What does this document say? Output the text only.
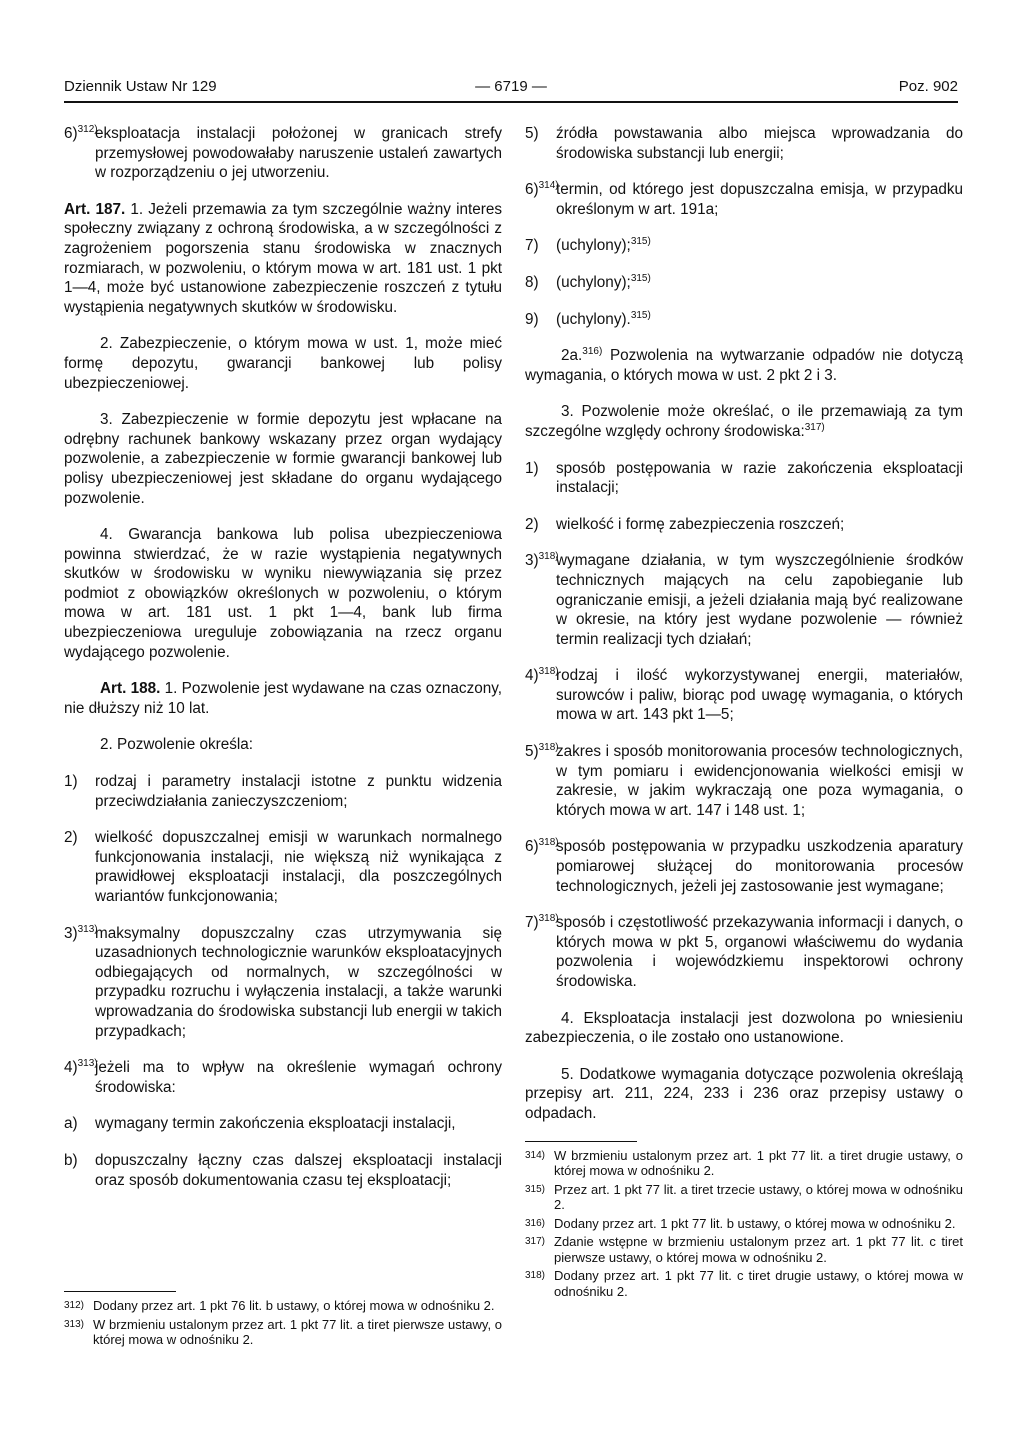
Dziennik Ustaw Nr 129	— 6719 —	Poz. 902
6)$^{312)}$
eksploatacja instalacji położonej w granicach strefy przemysłowej powodowałaby naruszenie ustaleń zawartych w rozporządzeniu o jej utworzeniu.

Art. 187. 1. Jeżeli przemawia za tym szczególnie ważny interes społeczny związany z ochroną środowiska, a w szczególności z zagrożeniem pogorszenia stanu środowiska w znacznych rozmiarach, w pozwoleniu, o którym mowa w art. 181 ust. 1 pkt 1—4, może być ustanowione zabezpieczenie roszczeń z tytułu wystąpienia negatywnych skutków w środowisku.

2. Zabezpieczenie, o którym mowa w ust. 1, może mieć formę depozytu, gwarancji bankowej lub polisy ubezpieczeniowej.

3. Zabezpieczenie w formie depozytu jest wpłacane na odrębny rachunek bankowy wskazany przez organ wydający pozwolenie, a zabezpieczenie w formie gwarancji bankowej lub polisy ubezpieczeniowej jest składane do organu wydającego pozwolenie.

4. Gwarancja bankowa lub polisa ubezpieczeniowa powinna stwierdzać, że w razie wystąpienia negatywnych skutków w środowisku w wyniku niewywiązania się przez podmiot z obowiązków określonych w pozwoleniu, o którym mowa w art. 181 ust. 1 pkt 1—4, bank lub firma ubezpieczeniowa ureguluje zobowiązania na rzecz organu wydającego pozwolenie.

Art. 188. 1. Pozwolenie jest wydawane na czas oznaczony, nie dłuższy niż 10 lat.

2. Pozwolenie określa:

1) rodzaj i parametry instalacji istotne z punktu widzenia przeciwdziałania zanieczyszczeniom;
2) wielkość dopuszczalnej emisji w warunkach normalnego funkcjonowania instalacji, nie większą niż wynikająca z prawidłowej eksploatacji instalacji, dla poszczególnych wariantów funkcjonowania;
3)$^{313)}$
maksymalny dopuszczalny czas utrzymywania się uzasadnionych technologicznie warunków eksploatacyjnych odbiegających od normalnych, w szczególności w przypadku rozruchu i wyłączenia instalacji, a także warunki wprowadzania do środowiska substancji lub energii w takich przypadkach;
4)$^{313)}$
jeżeli ma to wpływ na określenie wymagań ochrony środowiska:
a) wymagany termin zakończenia eksploatacji instalacji,
b) dopuszczalny łączny czas dalszej eksploatacji instalacji oraz sposób dokumentowania czasu tej eksploatacji;
312) Dodany przez art. 1 pkt 76 lit. b ustawy, o której mowa w odnośniku 2.
313) W brzmieniu ustalonym przez art. 1 pkt 77 lit. a tiret pierwsze ustawy, o której mowa w odnośniku 2.
5) źródła powstawania albo miejsca wprowadzania do środowiska substancji lub energii;
6)$^{314)}$
termin, od którego jest dopuszczalna emisja, w przypadku określonym w art. 191a;
7) (uchylony);$^{315)}$
8) (uchylony);$^{315)}$
9) (uchylony).$^{315)}$

2a.$^{316)}$ Pozwolenia na wytwarzanie odpadów nie dotyczą wymagania, o których mowa w ust. 2 pkt 2 i 3.

3. Pozwolenie może określać, o ile przemawiają za tym szczególne względy ochrony środowiska:$^{317)}$

1) sposób postępowania w razie zakończenia eksploatacji instalacji;
2) wielkość i formę zabezpieczenia roszczeń;
3)$^{318)}$
wymagane działania, w tym wyszczególnienie środków technicznych mających na celu zapobieganie lub ograniczanie emisji, a jeżeli działania mają być realizowane w okresie, na który jest wydane pozwolenie — również termin realizacji tych działań;
4)$^{318)}$
rodzaj i ilość wykorzystywanej energii, materiałów, surowców i paliw, biorąc pod uwagę wymagania, o których mowa w art. 143 pkt 1—5;
5)$^{318)}$
zakres i sposób monitorowania procesów technologicznych, w tym pomiaru i ewidencjonowania wielkości emisji w zakresie, w jakim wykraczają one poza wymagania, o których mowa w art. 147 i 148 ust. 1;
6)$^{318)}$
sposób postępowania w przypadku uszkodzenia aparatury pomiarowej służącej do monitorowania procesów technologicznych, jeżeli jej zastosowanie jest wymagane;
7)$^{318)}$
sposób i częstotliwość przekazywania informacji i danych, o których mowa w pkt 5, organowi właściwemu do wydania pozwolenia i wojewódzkiemu inspektorowi ochrony środowiska.

4. Eksploatacja instalacji jest dozwolona po wniesieniu zabezpieczenia, o ile zostało ono ustanowione.

5. Dodatkowe wymagania dotyczące pozwolenia określają przepisy art. 211, 224, 233 i 236 oraz przepisy ustawy o odpadach.

314) W brzmieniu ustalonym przez art. 1 pkt 77 lit. a tiret drugie ustawy, o której mowa w odnośniku 2.
315) Przez art. 1 pkt 77 lit. a tiret trzecie ustawy, o której mowa w odnośniku 2.
316) Dodany przez art. 1 pkt 77 lit. b ustawy, o której mowa w odnośniku 2.
317) Zdanie wstępne w brzmieniu ustalonym przez art. 1 pkt 77 lit. c tiret pierwsze ustawy, o której mowa w odnośniku 2.
318) Dodany przez art. 1 pkt 77 lit. c tiret drugie ustawy, o której mowa w odnośniku 2.
